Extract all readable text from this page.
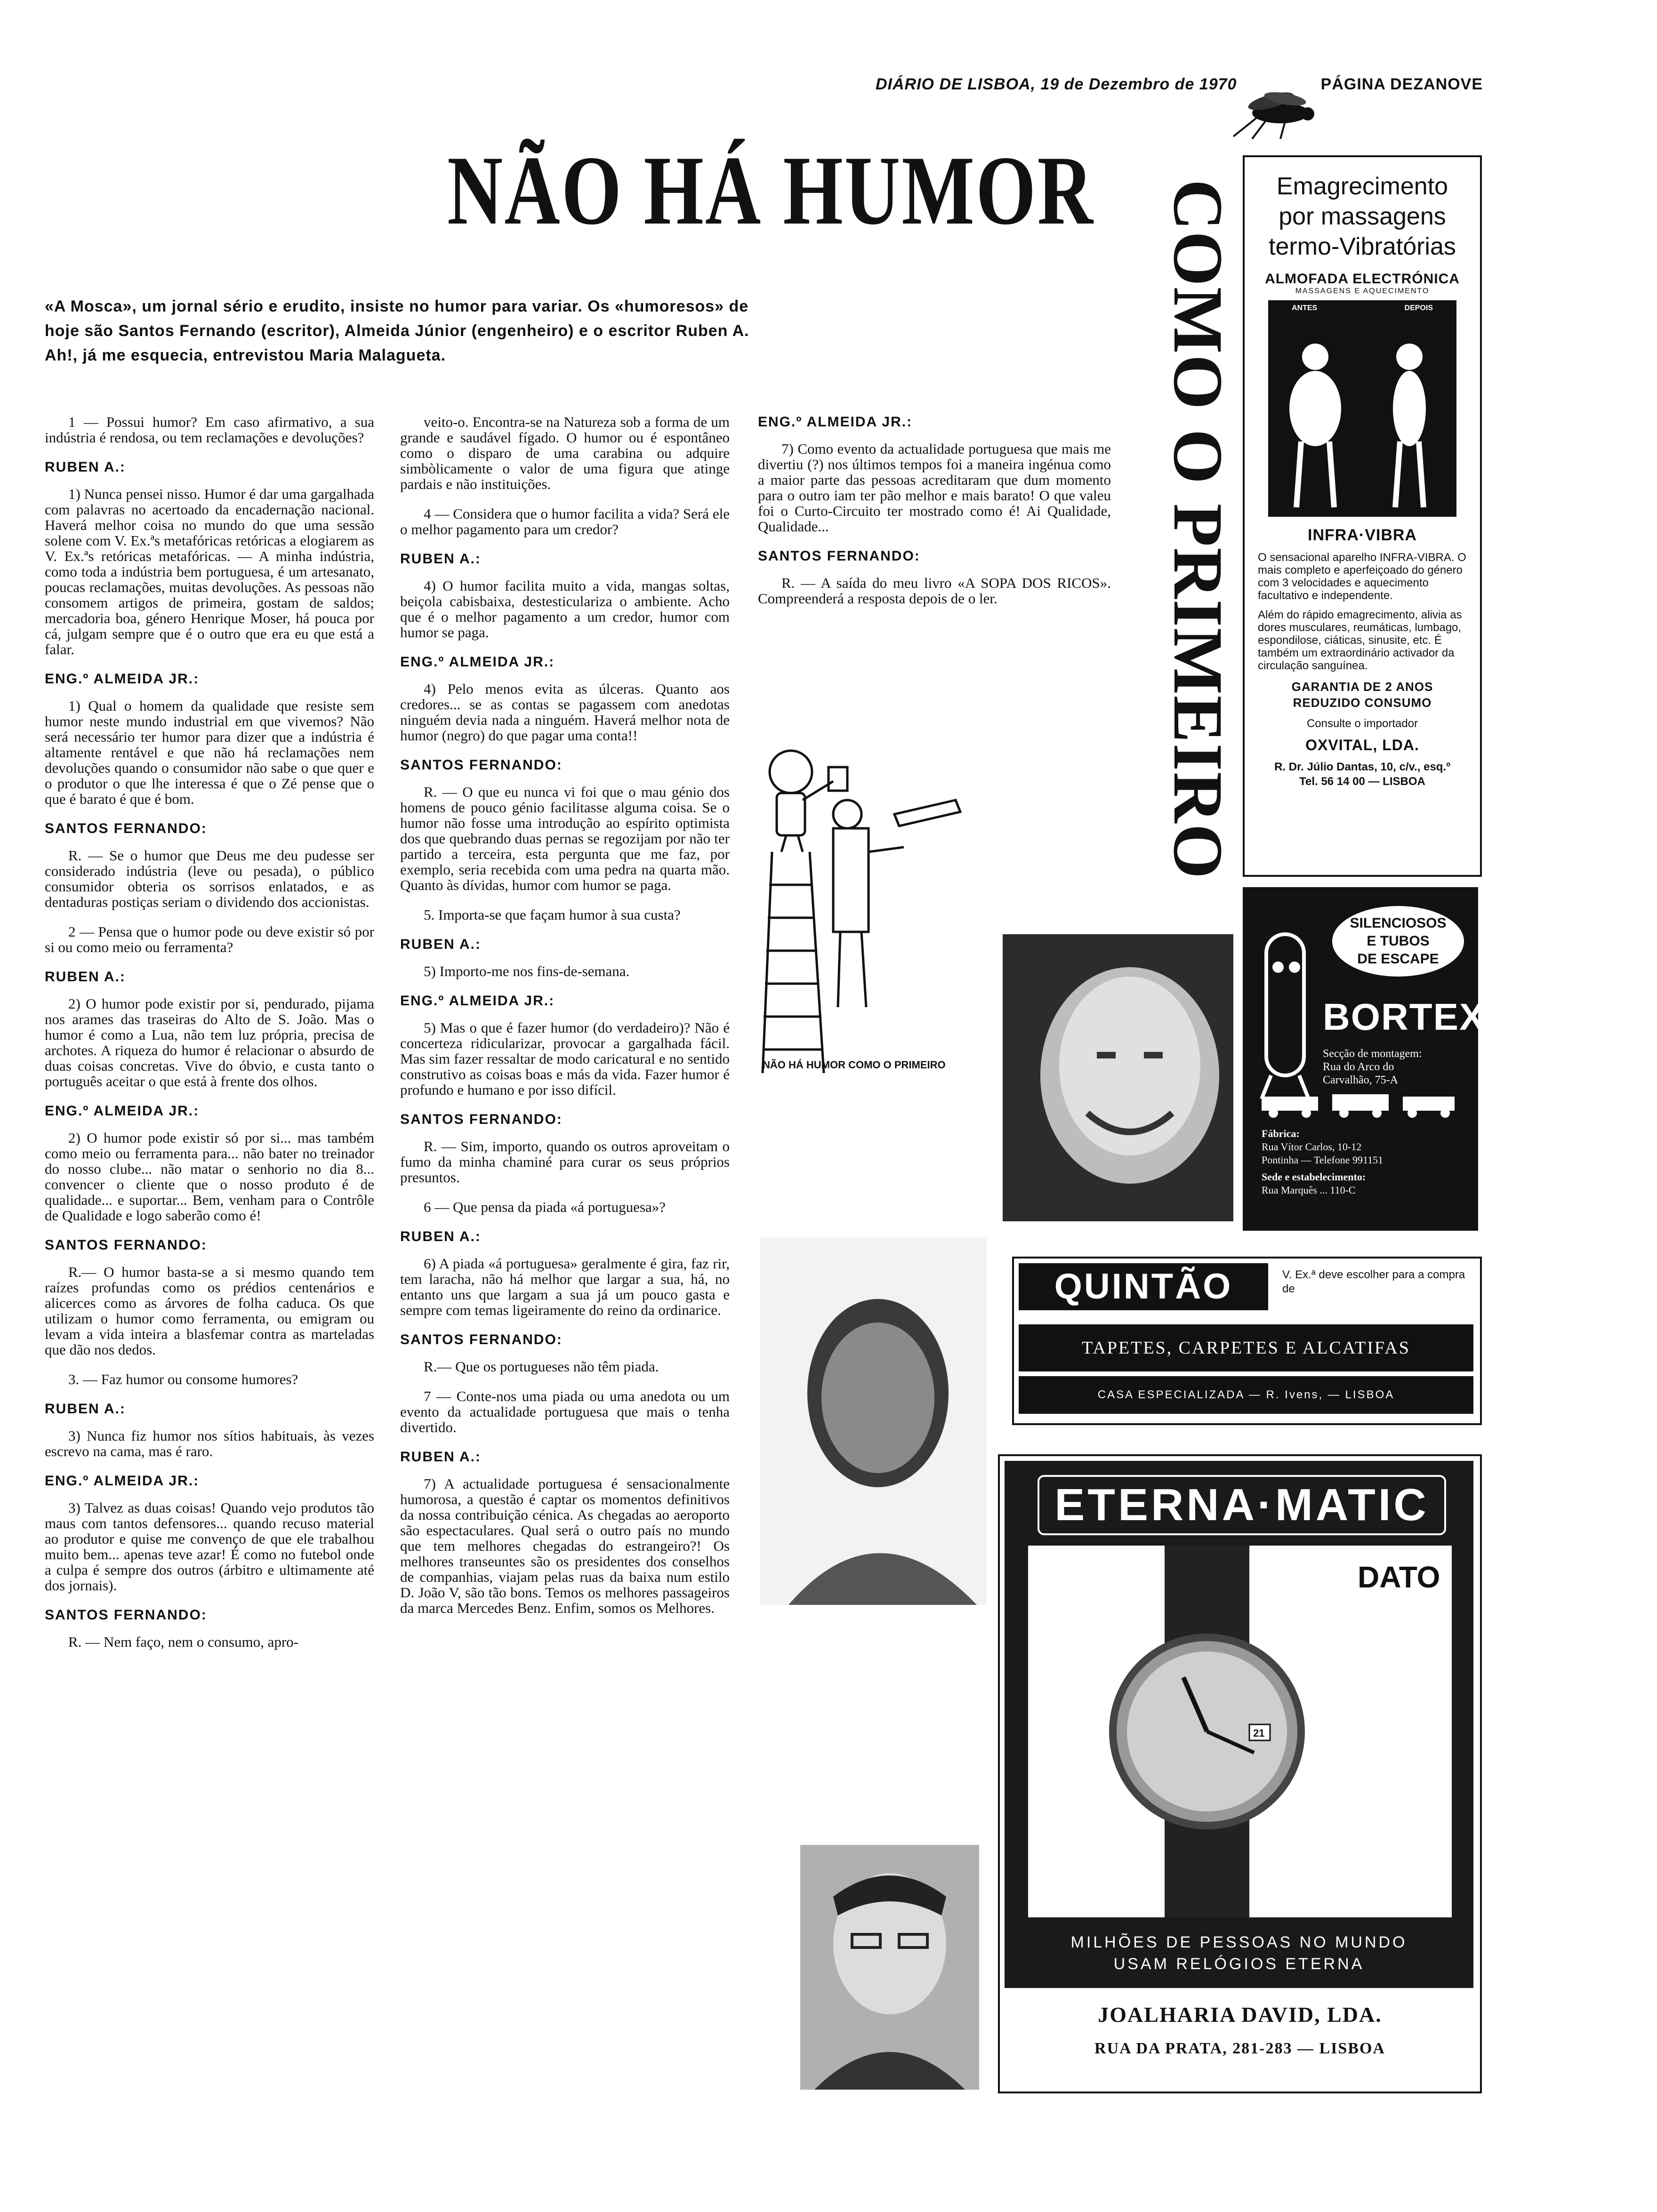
DIÁRIO DE LISBOA, 19 de Dezembro de 1970	PÁGINA DEZANOVE
NÃO HÁ HUMOR COMO O PRIMEIRO
«A Mosca», um jornal sério e erudito, insiste no humor para variar. Os «humoresos» de hoje são Santos Fernando (escritor), Almeida Júnior (engenheiro) e o escritor Ruben A. Ah!, já me esquecia, entrevistou Maria Malagueta.

1 — Possui humor? Em caso afirmativo, a sua indústria é rendosa, ou tem reclamações e devoluções?

RUBEN A.:

1) Nunca pensei nisso. Humor é dar uma gargalhada com palavras no acertoado da encadernação nacional. Haverá melhor coisa no mundo do que uma sessão solene com V. Ex.ªs metafóricas retóricas a elogiarem as V. Ex.ªs retóricas metafóricas. — A minha indústria, como toda a indústria bem portuguesa, é um artesanato, poucas reclamações, muitas devoluções. As pessoas não consomem artigos de primeira, gostam de saldos; mercadoria boa, género Henrique Moser, há pouca por cá, julgam sempre que é o outro que era eu que está a falar.

ENG.º ALMEIDA JR.:

1) Qual o homem da qualidade que resiste sem humor neste mundo industrial em que vivemos? Não será necessário ter humor para dizer que a indústria é altamente rentável e que não há reclamações nem devoluções quando o consumidor não sabe o que quer e o produtor o que lhe interessa é que o Zé pense que o que é barato é que é bom.

SANTOS FERNANDO:

R. — Se o humor que Deus me deu pudesse ser considerado indústria (leve ou pesada), o público consumidor obteria os sorrisos enlatados, e as dentaduras postiças seriam o dividendo dos accionistas.

2 — Pensa que o humor pode ou deve existir só por si ou como meio ou ferramenta?

RUBEN A.:

2) O humor pode existir por si, pendurado, pijama nos arames das traseiras do Alto de S. João. Mas o humor é como a Lua, não tem luz própria, precisa de archotes. A riqueza do humor é relacionar o absurdo de duas coisas concretas. Vive do óbvio, e custa tanto o português aceitar o que está à frente dos olhos.

ENG.º ALMEIDA JR.:

2) O humor pode existir só por si... mas também como meio ou ferramenta para... não bater no treinador do nosso clube... não matar o senhorio no dia 8... convencer o cliente que o nosso produto é de qualidade... e suportar... Bem, venham para o Contrôle de Qualidade e logo saberão como é!

SANTOS FERNANDO:

R.— O humor basta-se a si mesmo quando tem raízes profundas como os prédios centenários e alicerces como as árvores de folha caduca. Os que utilizam o humor como ferramenta, ou emigram ou levam a vida inteira a blasfemar contra as marteladas que dão nos dedos.

3. — Faz humor ou consome humores?

RUBEN A.:

3) Nunca fiz humor nos sítios habituais, às vezes escrevo na cama, mas é raro.

ENG.º ALMEIDA JR.:

3) Talvez as duas coisas! Quando vejo produtos tão maus com tantos defensores... quando recuso material ao produtor e quise me convenço de que ele trabalhou muito bem... apenas teve azar! É como no futebol onde a culpa é sempre dos outros (árbitro e ultimamente até dos jornais).

SANTOS FERNANDO:

R. — Nem faço, nem o consumo, apro-

veito-o. Encontra-se na Natureza sob a forma de um grande e saudável fígado. O humor ou é espontâneo como o disparo de uma carabina ou adquire simbòlicamente o valor de uma figura que atinge pardais e não instituições.

4 — Considera que o humor facilita a vida? Será ele o melhor pagamento para um credor?

RUBEN A.:

4) O humor facilita muito a vida, mangas soltas, beiçola cabisbaixa, destesticularizа o ambiente. Acho que é o melhor pagamento a um credor, humor com humor se paga.

ENG.º ALMEIDA JR.:

4) Pelo menos evita as úlceras. Quanto aos credores... se as contas se pagassem com anedotas ninguém devia nada a ninguém. Haverá melhor nota de humor (negro) do que pagar uma conta!!

SANTOS FERNANDO:

R. — O que eu nunca vi foi que o mau génio dos homens de pouco génio facilitasse alguma coisa. Se o humor não fosse uma introdução ao espírito optimista dos que quebrando duas pernas se regozijam por não ter partido a terceira, esta pergunta que me faz, por exemplo, seria recebida com uma pedra na quarta mão. Quanto às dívidas, humor com humor se paga.

5. Importa-se que façam humor à sua custa?

RUBEN A.:

5) Importo-me nos fins-de-semana.

ENG.º ALMEIDA JR.:

5) Mas o que é fazer humor (do verdadeiro)? Não é concerteza ridicularizar, provocar a gargalhada fácil. Mas sim fazer ressaltar de modo caricatural e no sentido construtivo as coisas boas e más da vida. Fazer humor é profundo e humano e por isso difícil.

SANTOS FERNANDO:

R. — Sim, importo, quando os outros aproveitam o fumo da minha chaminé para curar os seus próprios presuntos.

6 — Que pensa da piada «á portuguesa»?

RUBEN A.:

6) A piada «á portuguesa» geralmente é gira, faz rir, tem laracha, não há melhor que largar a sua, há, no entanto uns que largam a sua já um pouco gasta e sempre com temas ligeiramente do reino da ordinarice.

SANTOS FERNANDO:

R.— Que os portugueses não têm piada.

7 — Conte-nos uma piada ou uma anedota ou um evento da actualidade portuguesa que mais o tenha divertido.

RUBEN A.:

7) A actualidade portuguesa é sensacionalmente humorosa, a questão é captar os momentos definitivos da nossa contribuição cénica. As chegadas ao aeroporto são espectaculares. Qual será o outro país no mundo que tem melhores chegadas do estrangeiro?! Os melhores transeuntes são os presidentes dos conselhos de companhias, viajam pelas ruas da baixa num estilo D. João V, são tão bons. Temos os melhores passageiros da marca Mercedes Benz. Enfim, somos os Melhores.

ENG.º ALMEIDA JR.:

7) Como evento da actualidade portuguesa que mais me divertiu (?) nos últimos tempos foi a maneira ingénua como a maior parte das pessoas acreditaram que dum momento para o outro iam ter pão melhor e mais barato! O que valeu foi o Curto-Circuito ter mostrado como é! Ai Qualidade, Qualidade...

SANTOS FERNANDO:

R. — A saída do meu livro «A SOPA DOS RICOS». Compreenderá a resposta depois de o ler.

NÃO HÁ HUMOR COMO O PRIMEIRO
Emagrecimento
por massagens
termo-Vibratórias
ALMOFADA ELECTRÓNICA
MASSAGENS E AQUECIMENTO
ANTES	DEPOIS
INFRA·VIBRA
O sensacional aparelho INFRA-VIBRA. O mais completo e aperfeiçoado do género com 3 velocidades e aquecimento facultativo e independente.
Além do rápido emagrecimento, alivia as dores musculares, reumáticas, lumbago, espondilose, ciáticas, sinusite, etc. É também um extraordinário activador da circulação sanguínea.
GARANTIA DE 2 ANOS
REDUZIDO CONSUMO
Consulte o importador
OXVITAL, LDA.
R. Dr. Júlio Dantas, 10, c/v., esq.º
Tel. 56 14 00 — LISBOA
SILENCIOSOS
E TUBOS
DE ESCAPE
BORTEX
Secção de montagem:
Rua do Arco do
Carvalhão, 75-A
Fábrica:
Rua Vítor Carlos, 10-12
Pontinha — Telefone 991151
Sede e estabelecimento:
Rua Marquês ... 110-C
QUINTÃO	V. Ex.ª deve escolher para a compra de
TAPETES, CARPETES E ALCATIFAS
CASA ESPECIALIZADA — R. Ivens, — LISBOA
ETERNA·MATIC
DATO
21
MILHÕES DE PESSOAS NO MUNDO
USAM RELÓGIOS ETERNA
JOALHARIA DAVID, LDA.
RUA DA PRATA, 281-283 — LISBOA
